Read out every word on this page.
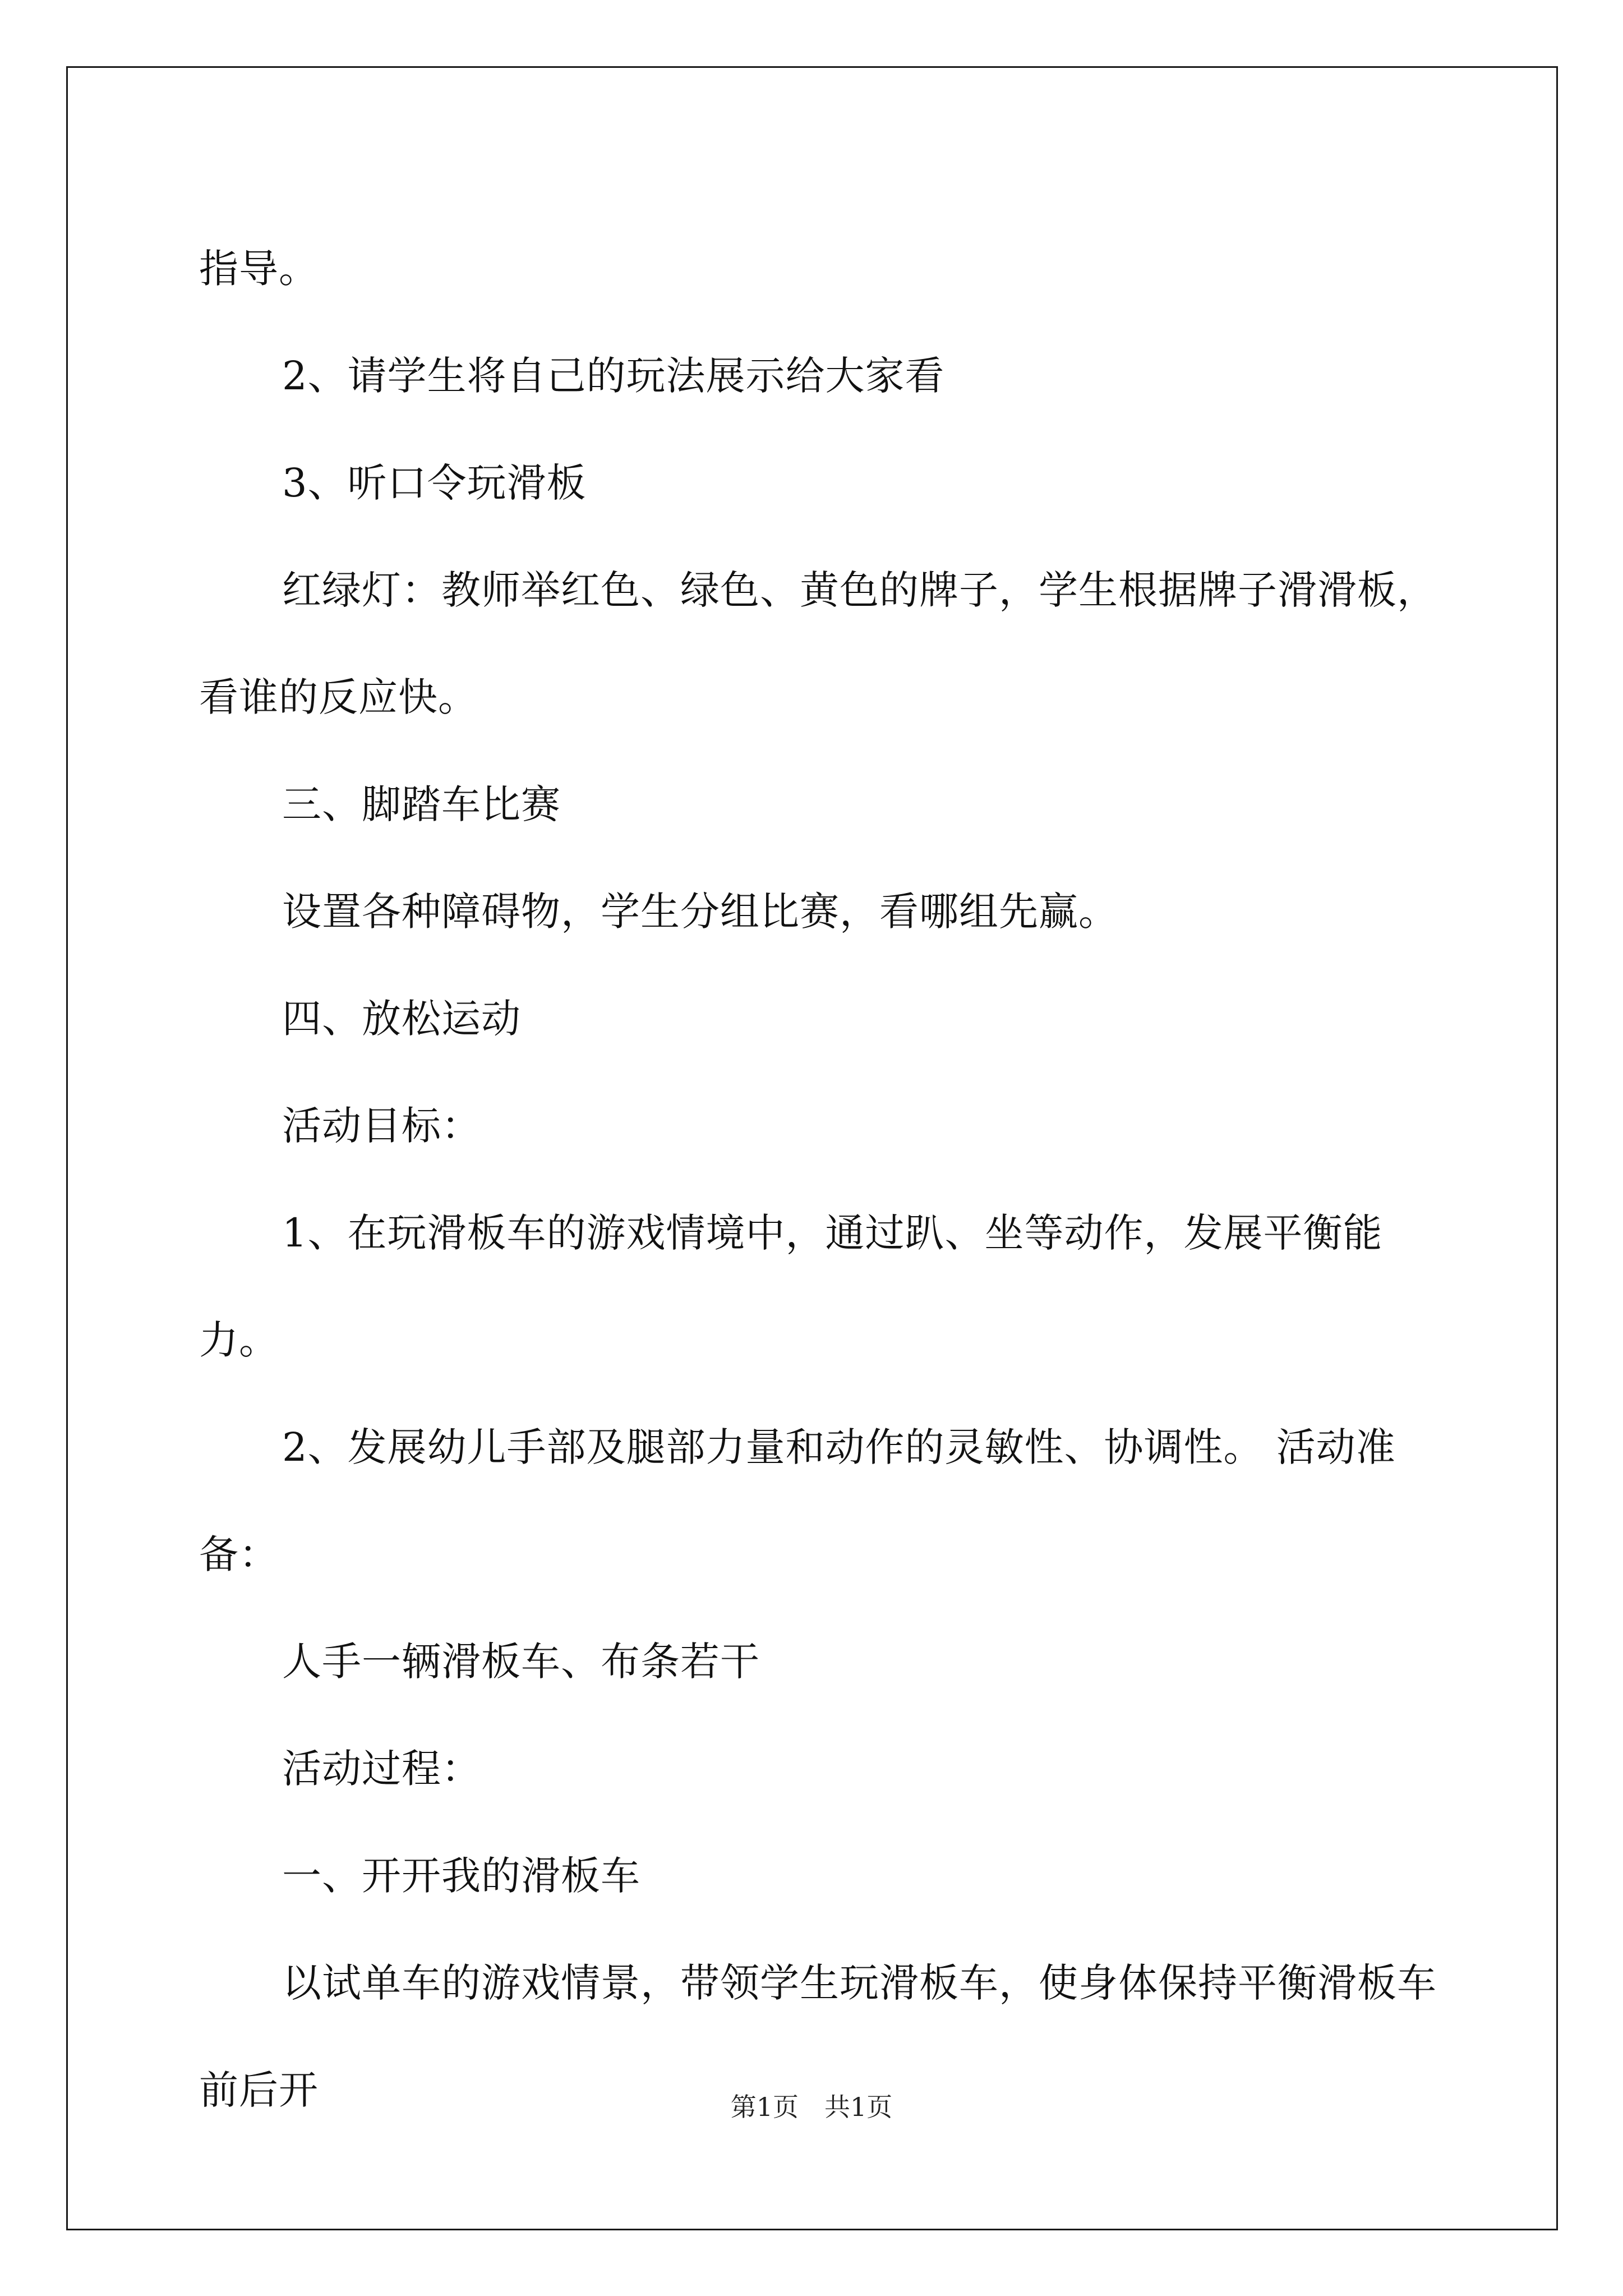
指导。

2、请学生将自己的玩法展示给大家看

3、听口令玩滑板

红绿灯：教师举红色、绿色、黄色的牌子，学生根据牌子滑滑板，看谁的反应快。

三、脚踏车比赛

设置各种障碍物，学生分组比赛，看哪组先赢。

四、放松运动

活动目标：

1、在玩滑板车的游戏情境中，通过趴、坐等动作，发展平衡能力。

2、发展幼儿手部及腿部力量和动作的灵敏性、协调性。 活动准备：

人手一辆滑板车、布条若干

活动过程：

一、开开我的滑板车

以试单车的游戏情景，带领学生玩滑板车，使身体保持平衡滑板车前后开	第1页　共1页
